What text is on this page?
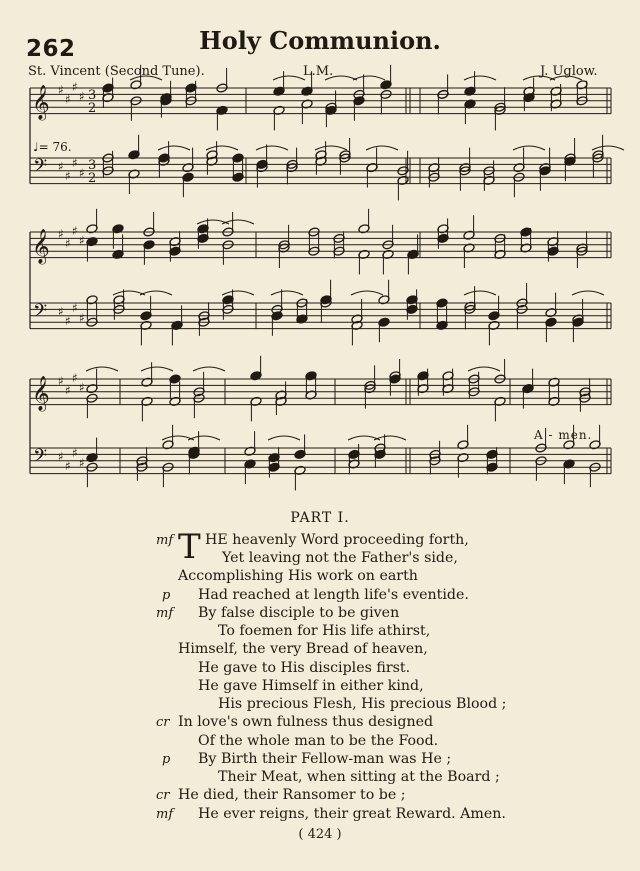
262	Holy Communion.
St. Vincent (Second Tune).	L.M.	J. Uglow.
𝄞
𝄢
♯
♯
♯
♯
♯
♯
♯
♯
3
2
3
2
𝄞
𝄢
♯
♯
♯
♯
♯
♯
♯
♯
𝄞
𝄢
♯
♯
♯
♯
♯
♯
♯
♯
♩= 76.
A - men.
PART I.
T
mf HE heavenly Word proceeding forth,
Yet leaving not the Father's side,
Accomplishing His work on earth
p Had reached at length life's eventide.
mf By false disciple to be given
To foemen for His life athirst,
Himself, the very Bread of heaven,
He gave to His disciples first.
He gave Himself in either kind,
His precious Flesh, His precious Blood ;
cr In love's own fulness thus designed
Of the whole man to be the Food.
p By Birth their Fellow-man was He ;
Their Meat, when sitting at the Board ;
cr He died, their Ransomer to be ;
mf He ever reigns, their great Reward. Amen.
( 424 )
